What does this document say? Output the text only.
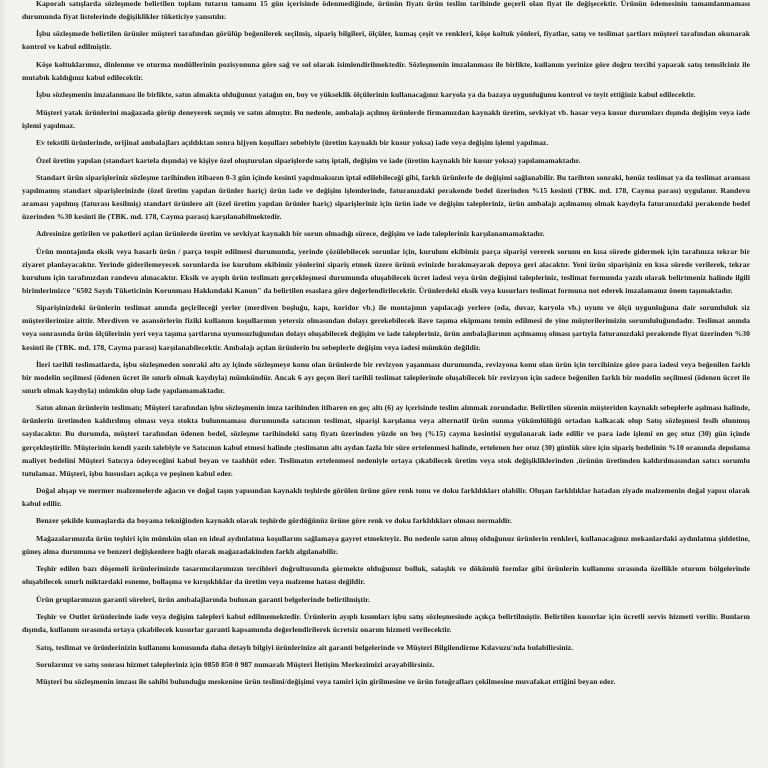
Kaporalı satışlarda sözleşmede belirtilen toplam tutarın tamamı 15 gün içerisinde ödenmediğinde, ürünün fiyatı ürün teslim tarihinde geçerli olan fiyat ile değişecektir. Ürünün ödemesinin tamamlanmaması durumunda fiyat listelerinde değişiklikler tüketiciye yansıtılır.

İşbu sözleşmede belirtilen ürünler müşteri tarafından görülüp beğenilerek seçilmiş, sipariş bilgileri, ölçüler, kumaş çeşit ve renkleri, köşe koltuk yönleri, fiyatlar, satış ve teslimat şartları müşteri tarafından okunarak kontrol ve kabul edilmiştir.

Köşe koltuklarımız, dinlenme ve oturma modüllerinin pozisyonuna göre sağ ve sol olarak isimlendirilmektedir. Sözleşmenin imzalanması ile birlikte, kullanım yerinize göre doğru tercihi yaparak satış temsilciniz ile mutabık kaldığınız kabul edilecektir.

İşbu sözleşmenin imzalanması ile birlikte, satın almakta olduğunuz yatağın en, boy ve yükseklik ölçülerinin kullanacağınız karyola ya da bazaya uygunluğunu kontrol ve teyit ettiğiniz kabul edilecektir.

Müşteri yatak ürünlerini mağazada görüp deneyerek seçmiş ve satın almıştır. Bu nedenle, ambalajı açılmış ürünlerde firmamızdan kaynaklı üretim, sevkiyat vb. hasar veya kusur durumları dışında değişim veya iade işlemi yapılmaz.

Ev tekstili ürünlerinde, orijinal ambalajları açıldıktan sonra hijyen koşulları sebebiyle (üretim kaynaklı bir kusur yoksa) iade veya değişim işlemi yapılmaz.

Özel üretim yapılan (standart kartela dışında) ve kişiye özel oluşturulan siparişlerde satış iptali, değişim ve iade (üretim kaynaklı bir kusur yoksa) yapılamamaktadır.

Standart ürün siparişleriniz sözleşme tarihinden itibaren 0-3 gün içinde kesinti yapılmaksızın iptal edilebileceği gibi, farklı ürünlerle de değişimi sağlanabilir. Bu tarihten sonraki, henüz teslimat ya da teslimat araması yapılmamış standart siparişlerinizde (özel üretim yapılan ürünler hariç) ürün iade ve değişim işlemlerinde, faturanızdaki perakende bedel üzerinden %15 kesinti (TBK. md. 178, Cayma parası) uygulanır. Randevu araması yapılmış (faturası kesilmiş) standart ürünlere ait (özel üretim yapılan ürünler hariç) siparişleriniz için ürün iade ve değişim talepleriniz, ürün ambalajı açılmamış olmak kaydıyla faturanızdaki perakende bedel üzerinden %30 kesinti ile (TBK. md. 178, Cayma parası) karşılanabilmektedir.

Adresinize getirilen ve paketleri açılan ürünlerde üretim ve sevkiyat kaynaklı bir sorun olmadığı sürece, değişim ve iade talepleriniz karşılanamamaktadır.

Ürün montajında eksik veya hasarlı ürün / parça tespit edilmesi durumunda, yerinde çözülebilecek sorunlar için, kurulum ekibimiz parça siparişi vererek sorunu en kısa sürede gidermek için tarafınıza tekrar bir ziyaret planlayacaktır. Yerinde giderilemeyecek sorunlarda ise kurulum ekibimiz yönlerini sipariş etmek üzere ürünü evinizde bırakmayarak depoya geri alacaktır. Yeni ürün siparişiniz en kısa sürede verilerek, tekrar kurulum için tarafınızdan randevu alınacaktır. Eksik ve ayıplı ürün teslimatı gerçekleşmesi durumunda oluşabilecek ücret iadesi veya ürün değişimi talepleriniz, teslimat formunda yazılı olarak belirtmeniz halinde ilgili birimlerimizce "6502 Sayılı Tüketicinin Korunması Hakkındaki Kanun" da belirtilen esaslara göre değerlendirilecektir. Ürünlerdeki eksik veya kusurları teslimat formuna not ederek imzalamanız önem taşımaktadır.

Siparişinizdeki ürünlerin teslimat anında geçirileceği yerler (merdiven boşluğu, kapı, koridor vb.) ile montajının yapılacağı yerlere (oda, duvar, karyola vb.) uyum ve ölçü uygunluğuna dair sorumluluk siz müşterilerimize aittir. Merdiven ve asansörlerin fiziki kullanım koşullarının yetersiz olmasından dolayı gerekebilecek ilave taşıma ekipmanı temin edilmesi de yine müşterilerimizin sorumluluğundadır. Teslimat anında veya sonrasında ürün ölçülerinin yeri veya taşıma şartlarına uyumsuzluğundan dolayı oluşabilecek değişim ve iade talepleriniz, ürün ambalajlarının açılmamış olması şartıyla faturanızdaki perakende fiyat üzerinden %30 kesinti ile (TBK. md. 178, Cayma parası) karşılanabilecektir. Ambalajı açılan ürünlerin bu sebeplerle değişim veya iadesi mümkün değildir.

İleri tarihli teslimatlarda, işbu sözleşmeden sonraki altı ay içinde sözleşmeye konu olan ürünlerde bir revizyon yaşanması durumunda, revizyona konu olan ürün için tercihinize göre para iadesi veya beğenilen farklı bir modelin seçilmesi (ödenen ücret ile sınırlı olmak kaydıyla) mümkündür. Ancak 6 ayı geçen ileri tarihli teslimat taleplerinde oluşabilecek bir revizyon için sadece beğenilen farklı bir modelin seçilmesi (ödenen ücret ile sınırlı olmak kaydıyla) mümkün olup iade yapılamamaktadır.

Satın alınan ürünlerin teslimatı; Müşteri tarafından işbu sözleşmenin imza tarihinden itibaren en geç altı (6) ay içerisinde teslim alınmak zorundadır. Belirtilen sürenin müşteriden kaynaklı sebeplerle aşılması halinde, ürünlerin üretimden kaldırılmış olması veya stokta bulunmaması durumunda satıcının teslimat, siparişi karşılama veya alternatif ürün sunma yükümlülüğü ortadan kalkacak olup Satış sözleşmesi fesih olunmuş sayılacaktır. Bu durumda, müşteri tarafından ödenen bedel, sözleşme tarihindeki satış fiyatı üzerinden yüzde on beş (%15) cayma kesintisi uygulanarak iade edilir ve para iade işlemi en geç otuz (30) gün içinde gerçekleştirilir. Müşterinin kendi yazılı talebiyle ve Satıcının kabul etmesi halinde ;teslimatın altı aydan fazla bir süre ertelenmesi halinde, ertelenen her otuz (30) günlük süre için sipariş bedelinin %10 oranında depolama maliyet bedelini Müşteri Satıcıya ödeyeceğini kabul beyan ve taahhüt eder. Teslimatın ertelenmesi nedeniyle ortaya çıkabilecek üretim veya stok değişikliklerinden ,ürünün üretimden kaldırılmasından satıcı sorumlu tutulamaz. Müşteri, işbu hususları açıkça ve peşinen kabul eder.

Doğal ahşap ve mermer malzemelerde ağacın ve doğal taşın yapısından kaynaklı teşhirde görülen ürüne göre renk tonu ve doku farklılıkları olabilir. Oluşan farklılıklar hatadan ziyade malzemenin doğal yapısı olarak kabul edilir.

Benzer şekilde kumaşlarda da boyama tekniğinden kaynaklı olarak teşhirde gördüğünüz ürüne göre renk ve doku farklılıkları olması normaldir.

Mağazalarımızda ürün teşhiri için mümkün olan en ideal aydınlatma koşullarını sağlamaya gayret etmekteyiz. Bu nedenle satın almış olduğunuz ürünlerin renkleri, kullanacağınız mekanlardaki aydınlatma şiddetine, güneş alma durumuna ve benzeri değişkenlere bağlı olarak mağazadakinden farklı algılanabilir.

Teşhir edilen bazı döşemeli ürünlerimizde tasarımcılarımızın tercihleri doğrultusunda görmekte olduğunuz bolluk, salaşlık ve dökümlü formlar gibi ürünlerin kullanımı sırasında özellikle oturum bölgelerinde oluşabilecek sınırlı miktardaki esneme, bollaşma ve kırışıklıklar da üretim veya malzeme hatası değildir.

Ürün gruplarımızın garanti süreleri, ürün ambalajlarında bulunan garanti belgelerinde belirtilmiştir.

Teşhir ve Outlet ürünlerinde iade veya değişim talepleri kabul edilmemektedir. Ürünlerin ayıplı kısımları işbu satış sözleşmesinde açıkça belirtilmiştir. Belirtilen kusurlar için ücretli servis hizmeti verilir. Bunların dışında, kullanım sırasında ortaya çıkabilecek kusurlar garanti kapsamında değerlendirilerek ücretsiz onarım hizmeti verilecektir.

Satış, teslimat ve ürünlerinizin kullanımı konusunda daha detaylı bilgiyi ürünlerinize ait garanti belgelerinde ve Müşteri Bilgilendirme Kılavuzu'nda bulabilirsiniz.

Sorularınız ve satış sonrası hizmet talepleriniz için 0850 850 0 987 numaralı Müşteri İletişim Merkezimizi arayabilirsiniz.

Müşteri bu sözleşmenin imzası ile sahibi bulunduğu meskenine ürün teslimi/değişimi veya tamiri için girilmesine ve ürün fotoğrafları çekilmesine muvafakat ettiğini beyan eder.
